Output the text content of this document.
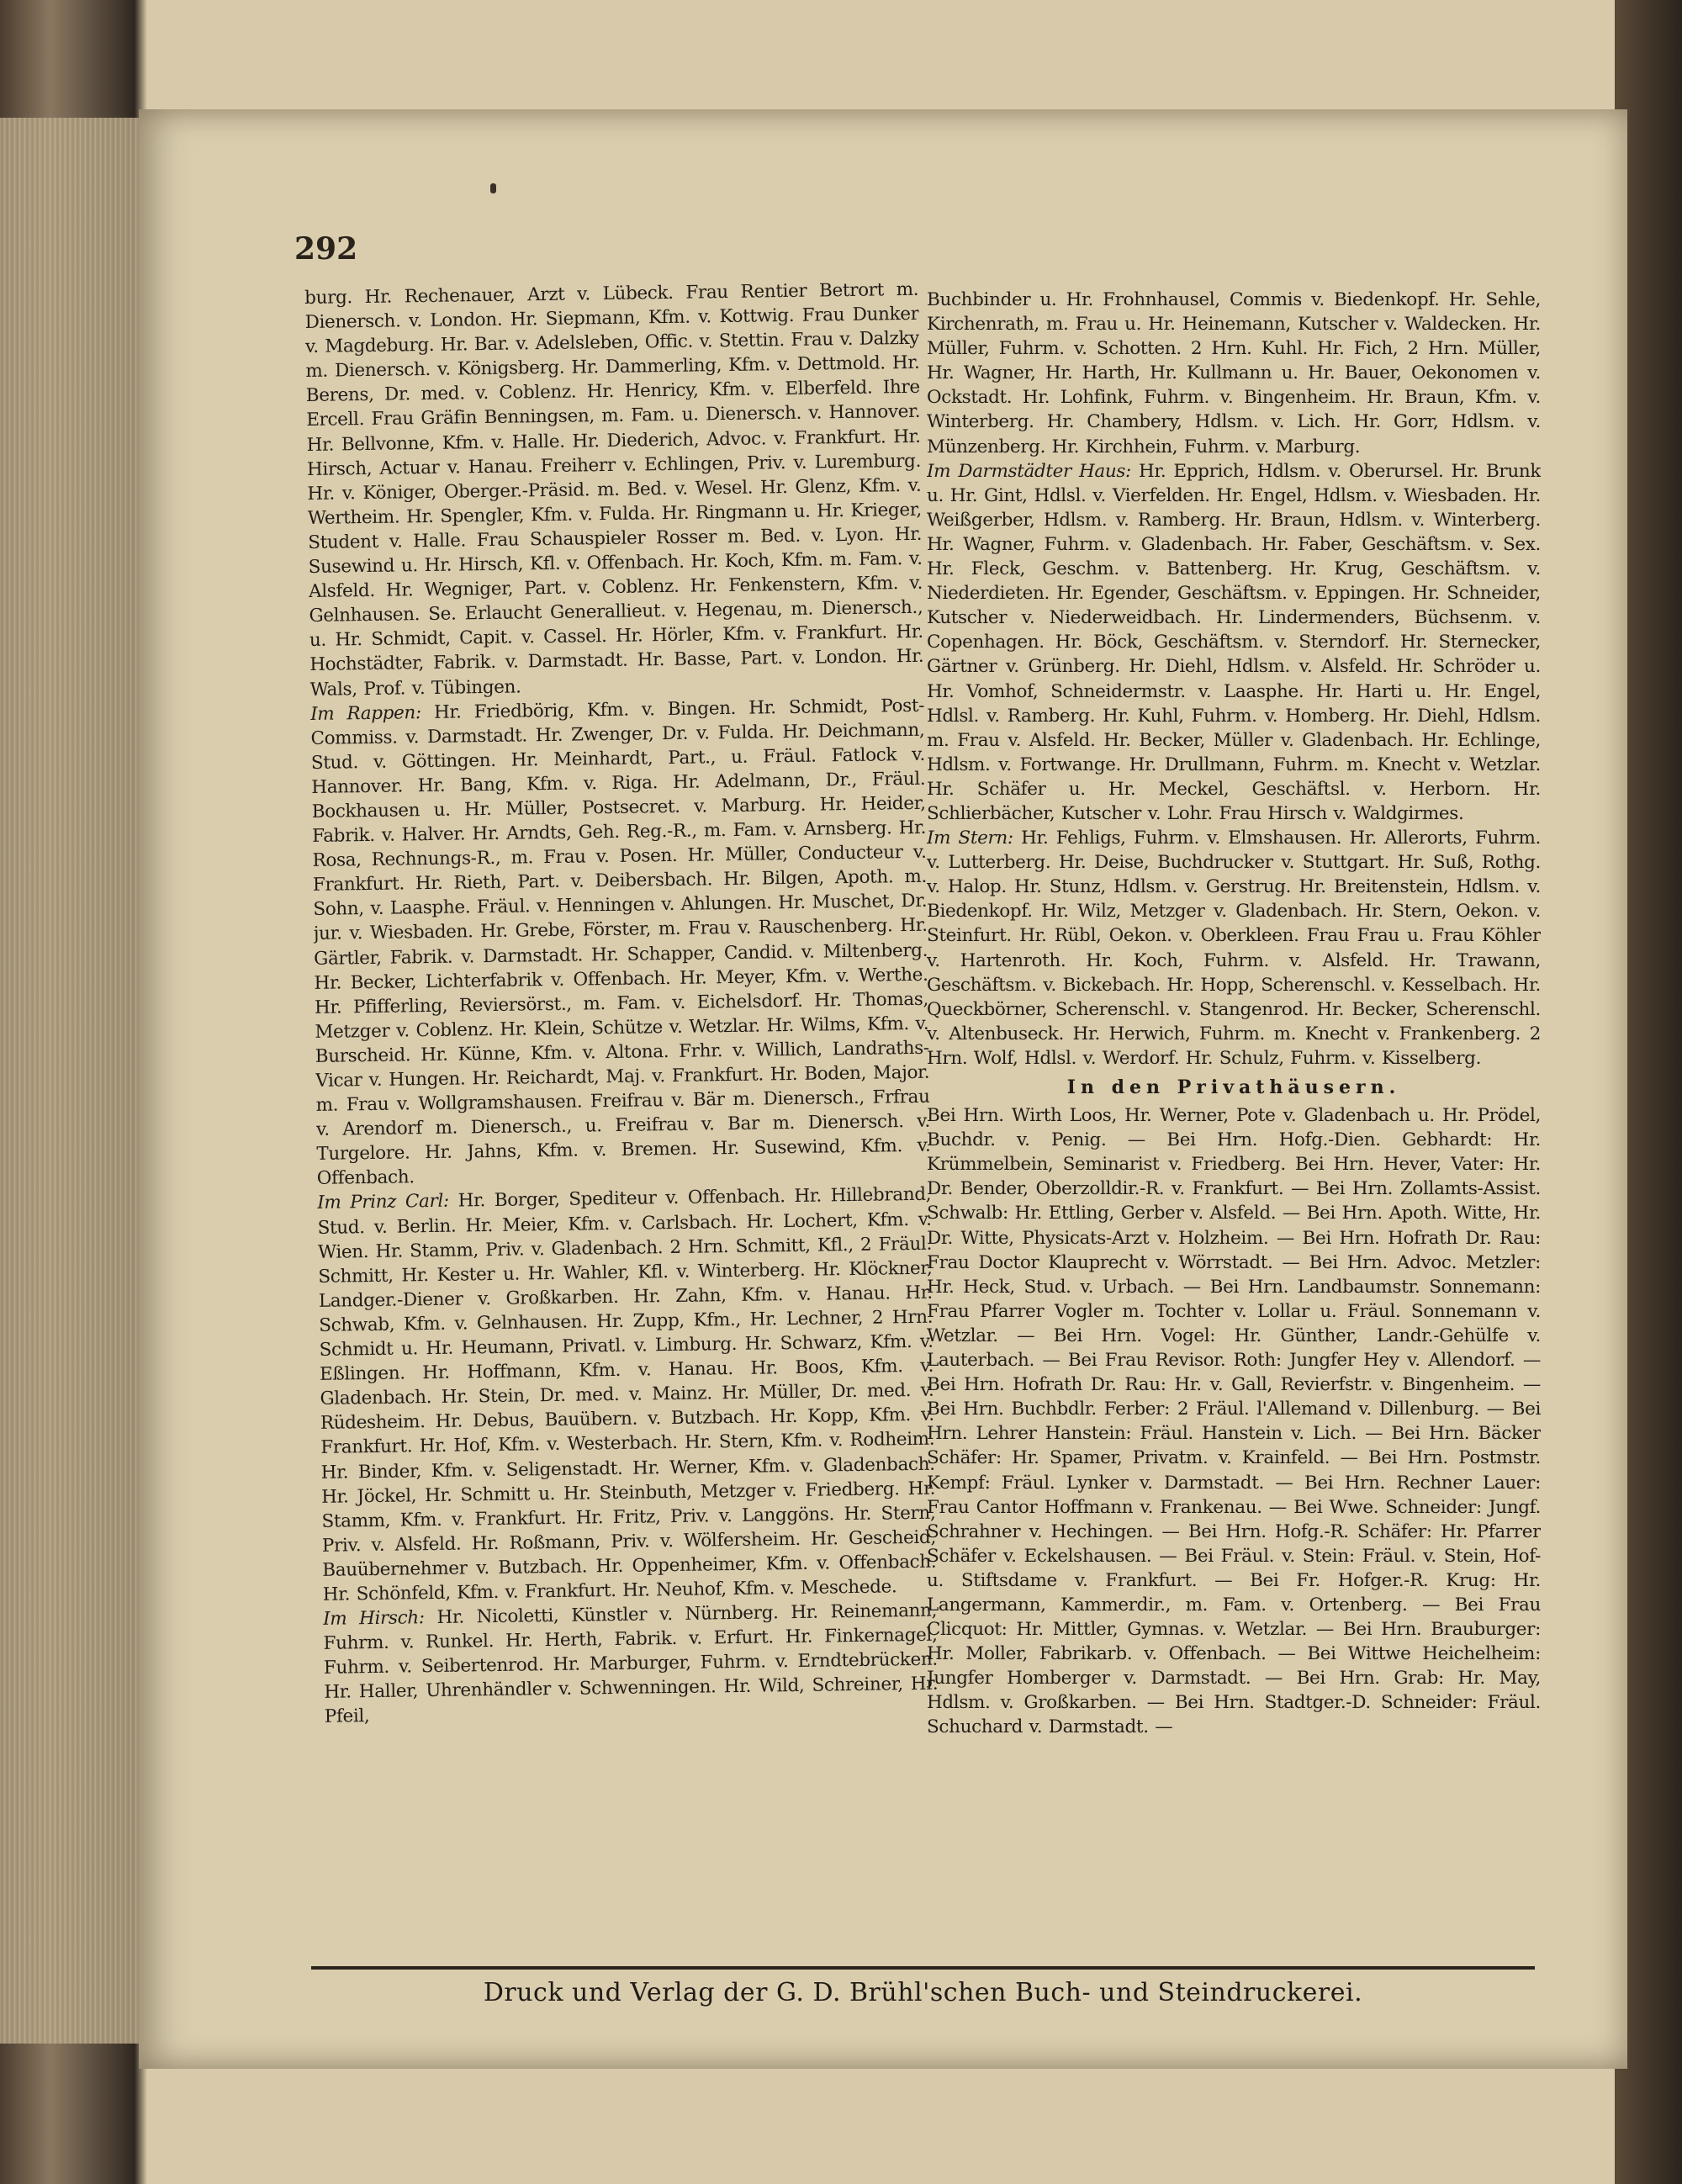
292

burg. Hr. Rechenauer, Arzt v. Lübeck. Frau Rentier Betrort m. Dienersch. v. London. Hr. Siepmann, Kfm. v. Kottwig. Frau Dunker v. Magdeburg. Hr. Bar. v. Adelsleben, Offic. v. Stettin. Frau v. Dalzky m. Dienersch. v. Königsberg. Hr. Dammerling, Kfm. v. Dettmold. Hr. Berens, Dr. med. v. Coblenz. Hr. Henricy, Kfm. v. Elberfeld. Ihre Ercell. Frau Gräfin Benningsen, m. Fam. u. Dienersch. v. Hannover. Hr. Bellvonne, Kfm. v. Halle. Hr. Diederich, Advoc. v. Frankfurt. Hr. Hirsch, Actuar v. Hanau. Freiherr v. Echlingen, Priv. v. Luremburg. Hr. v. Königer, Oberger.-Präsid. m. Bed. v. Wesel. Hr. Glenz, Kfm. v. Wertheim. Hr. Spengler, Kfm. v. Fulda. Hr. Ringmann u. Hr. Krieger, Student v. Halle. Frau Schauspieler Rosser m. Bed. v. Lyon. Hr. Susewind u. Hr. Hirsch, Kfl. v. Offenbach. Hr. Koch, Kfm. m. Fam. v. Alsfeld. Hr. Wegniger, Part. v. Coblenz. Hr. Fenkenstern, Kfm. v. Gelnhausen. Se. Erlaucht Generallieut. v. Hegenau, m. Dienersch., u. Hr. Schmidt, Capit. v. Cassel. Hr. Hörler, Kfm. v. Frankfurt. Hr. Hochstädter, Fabrik. v. Darmstadt. Hr. Basse, Part. v. London. Hr. Wals, Prof. v. Tübingen.

Im Rappen: Hr. Friedbörig, Kfm. v. Bingen. Hr. Schmidt, Post-Commiss. v. Darmstadt. Hr. Zwenger, Dr. v. Fulda. Hr. Deichmann, Stud. v. Göttingen. Hr. Meinhardt, Part., u. Fräul. Fatlock v. Hannover. Hr. Bang, Kfm. v. Riga. Hr. Adelmann, Dr., Fräul. Bockhausen u. Hr. Müller, Postsecret. v. Marburg. Hr. Heider, Fabrik. v. Halver. Hr. Arndts, Geh. Reg.-R., m. Fam. v. Arnsberg. Hr. Rosa, Rechnungs-R., m. Frau v. Posen. Hr. Müller, Conducteur v. Frankfurt. Hr. Rieth, Part. v. Deibersbach. Hr. Bilgen, Apoth. m. Sohn, v. Laasphe. Fräul. v. Henningen v. Ahlungen. Hr. Muschet, Dr. jur. v. Wiesbaden. Hr. Grebe, Förster, m. Frau v. Rauschenberg. Hr. Gärtler, Fabrik. v. Darmstadt. Hr. Schapper, Candid. v. Miltenberg. Hr. Becker, Lichterfabrik v. Offenbach. Hr. Meyer, Kfm. v. Werthe. Hr. Pfifferling, Reviersörst., m. Fam. v. Eichelsdorf. Hr. Thomas, Metzger v. Coblenz. Hr. Klein, Schütze v. Wetzlar. Hr. Wilms, Kfm. v. Burscheid. Hr. Künne, Kfm. v. Altona. Frhr. v. Willich, Landraths-Vicar v. Hungen. Hr. Reichardt, Maj. v. Frankfurt. Hr. Boden, Major. m. Frau v. Wollgramshausen. Freifrau v. Bär m. Dienersch., Frfrau v. Arendorf m. Dienersch., u. Freifrau v. Bar m. Dienersch. v. Turgelore. Hr. Jahns, Kfm. v. Bremen. Hr. Susewind, Kfm. v. Offenbach.

Im Prinz Carl: Hr. Borger, Spediteur v. Offenbach. Hr. Hillebrand, Stud. v. Berlin. Hr. Meier, Kfm. v. Carlsbach. Hr. Lochert, Kfm. v. Wien. Hr. Stamm, Priv. v. Gladenbach. 2 Hrn. Schmitt, Kfl., 2 Fräul. Schmitt, Hr. Kester u. Hr. Wahler, Kfl. v. Winterberg. Hr. Klöckner, Landger.-Diener v. Großkarben. Hr. Zahn, Kfm. v. Hanau. Hr. Schwab, Kfm. v. Gelnhausen. Hr. Zupp, Kfm., Hr. Lechner, 2 Hrn. Schmidt u. Hr. Heumann, Privatl. v. Limburg. Hr. Schwarz, Kfm. v. Eßlingen. Hr. Hoffmann, Kfm. v. Hanau. Hr. Boos, Kfm. v. Gladenbach. Hr. Stein, Dr. med. v. Mainz. Hr. Müller, Dr. med. v. Rüdesheim. Hr. Debus, Bauübern. v. Butzbach. Hr. Kopp, Kfm. v. Frankfurt. Hr. Hof, Kfm. v. Westerbach. Hr. Stern, Kfm. v. Rodheim. Hr. Binder, Kfm. v. Seligenstadt. Hr. Werner, Kfm. v. Gladenbach. Hr. Jöckel, Hr. Schmitt u. Hr. Steinbuth, Metzger v. Friedberg. Hr. Stamm, Kfm. v. Frankfurt. Hr. Fritz, Priv. v. Langgöns. Hr. Stern, Priv. v. Alsfeld. Hr. Roßmann, Priv. v. Wölfersheim. Hr. Gescheid, Bauübernehmer v. Butzbach. Hr. Oppenheimer, Kfm. v. Offenbach. Hr. Schönfeld, Kfm. v. Frankfurt. Hr. Neuhof, Kfm. v. Meschede.

Im Hirsch: Hr. Nicoletti, Künstler v. Nürnberg. Hr. Reinemann, Fuhrm. v. Runkel. Hr. Herth, Fabrik. v. Erfurt. Hr. Finkernagel, Fuhrm. v. Seibertenrod. Hr. Marburger, Fuhrm. v. Erndtebrücken. Hr. Haller, Uhrenhändler v. Schwenningen. Hr. Wild, Schreiner, Hr. Pfeil,

Buchbinder u. Hr. Frohnhausel, Commis v. Biedenkopf. Hr. Sehle, Kirchenrath, m. Frau u. Hr. Heinemann, Kutscher v. Waldecken. Hr. Müller, Fuhrm. v. Schotten. 2 Hrn. Kuhl. Hr. Fich, 2 Hrn. Müller, Hr. Wagner, Hr. Harth, Hr. Kullmann u. Hr. Bauer, Oekonomen v. Ockstadt. Hr. Lohfink, Fuhrm. v. Bingenheim. Hr. Braun, Kfm. v. Winterberg. Hr. Chambery, Hdlsm. v. Lich. Hr. Gorr, Hdlsm. v. Münzenberg. Hr. Kirchhein, Fuhrm. v. Marburg.

Im Darmstädter Haus: Hr. Epprich, Hdlsm. v. Oberursel. Hr. Brunk u. Hr. Gint, Hdlsl. v. Vierfelden. Hr. Engel, Hdlsm. v. Wiesbaden. Hr. Weißgerber, Hdlsm. v. Ramberg. Hr. Braun, Hdlsm. v. Winterberg. Hr. Wagner, Fuhrm. v. Gladenbach. Hr. Faber, Geschäftsm. v. Sex. Hr. Fleck, Geschm. v. Battenberg. Hr. Krug, Geschäftsm. v. Niederdieten. Hr. Egender, Geschäftsm. v. Eppingen. Hr. Schneider, Kutscher v. Niederweidbach. Hr. Lindermenders, Büchsenm. v. Copenhagen. Hr. Böck, Geschäftsm. v. Sterndorf. Hr. Sternecker, Gärtner v. Grünberg. Hr. Diehl, Hdlsm. v. Alsfeld. Hr. Schröder u. Hr. Vomhof, Schneidermstr. v. Laasphe. Hr. Harti u. Hr. Engel, Hdlsl. v. Ramberg. Hr. Kuhl, Fuhrm. v. Homberg. Hr. Diehl, Hdlsm. m. Frau v. Alsfeld. Hr. Becker, Müller v. Gladenbach. Hr. Echlinge, Hdlsm. v. Fortwange. Hr. Drullmann, Fuhrm. m. Knecht v. Wetzlar. Hr. Schäfer u. Hr. Meckel, Geschäftsl. v. Herborn. Hr. Schlierbächer, Kutscher v. Lohr. Frau Hirsch v. Waldgirmes.

Im Stern: Hr. Fehligs, Fuhrm. v. Elmshausen. Hr. Allerorts, Fuhrm. v. Lutterberg. Hr. Deise, Buchdrucker v. Stuttgart. Hr. Suß, Rothg. v. Halop. Hr. Stunz, Hdlsm. v. Gerstrug. Hr. Breitenstein, Hdlsm. v. Biedenkopf. Hr. Wilz, Metzger v. Gladenbach. Hr. Stern, Oekon. v. Steinfurt. Hr. Rübl, Oekon. v. Oberkleen. Frau Frau u. Frau Köhler v. Hartenroth. Hr. Koch, Fuhrm. v. Alsfeld. Hr. Trawann, Geschäftsm. v. Bickebach. Hr. Hopp, Scherenschl. v. Kesselbach. Hr. Queckbörner, Scherenschl. v. Stangenrod. Hr. Becker, Scherenschl. v. Altenbuseck. Hr. Herwich, Fuhrm. m. Knecht v. Frankenberg. 2 Hrn. Wolf, Hdlsl. v. Werdorf. Hr. Schulz, Fuhrm. v. Kisselberg.

In den Privathäusern.

Bei Hrn. Wirth Loos, Hr. Werner, Pote v. Gladenbach u. Hr. Prödel, Buchdr. v. Penig. — Bei Hrn. Hofg.-Dien. Gebhardt: Hr. Krümmelbein, Seminarist v. Friedberg. Bei Hrn. Hever, Vater: Hr. Dr. Bender, Oberzolldir.-R. v. Frankfurt. — Bei Hrn. Zollamts-Assist. Schwalb: Hr. Ettling, Gerber v. Alsfeld. — Bei Hrn. Apoth. Witte, Hr. Dr. Witte, Physicats-Arzt v. Holzheim. — Bei Hrn. Hofrath Dr. Rau: Frau Doctor Klauprecht v. Wörrstadt. — Bei Hrn. Advoc. Metzler: Hr. Heck, Stud. v. Urbach. — Bei Hrn. Landbaumstr. Sonnemann: Frau Pfarrer Vogler m. Tochter v. Lollar u. Fräul. Sonnemann v. Wetzlar. — Bei Hrn. Vogel: Hr. Günther, Landr.-Gehülfe v. Lauterbach. — Bei Frau Revisor. Roth: Jungfer Hey v. Allendorf. — Bei Hrn. Hofrath Dr. Rau: Hr. v. Gall, Revierfstr. v. Bingenheim. — Bei Hrn. Buchbdlr. Ferber: 2 Fräul. l'Allemand v. Dillenburg. — Bei Hrn. Lehrer Hanstein: Fräul. Hanstein v. Lich. — Bei Hrn. Bäcker Schäfer: Hr. Spamer, Privatm. v. Krainfeld. — Bei Hrn. Postmstr. Kempf: Fräul. Lynker v. Darmstadt. — Bei Hrn. Rechner Lauer: Frau Cantor Hoffmann v. Frankenau. — Bei Wwe. Schneider: Jungf. Schrahner v. Hechingen. — Bei Hrn. Hofg.-R. Schäfer: Hr. Pfarrer Schäfer v. Eckelshausen. — Bei Fräul. v. Stein: Fräul. v. Stein, Hof- u. Stiftsdame v. Frankfurt. — Bei Fr. Hofger.-R. Krug: Hr. Langermann, Kammerdir., m. Fam. v. Ortenberg. — Bei Frau Clicquot: Hr. Mittler, Gymnas. v. Wetzlar. — Bei Hrn. Brauburger: Hr. Moller, Fabrikarb. v. Offenbach. — Bei Wittwe Heichelheim: Jungfer Homberger v. Darmstadt. — Bei Hrn. Grab: Hr. May, Hdlsm. v. Großkarben. — Bei Hrn. Stadtger.-D. Schneider: Fräul. Schuchard v. Darmstadt. —

Druck und Verlag der G. D. Brühl'schen Buch- und Steindruckerei.
